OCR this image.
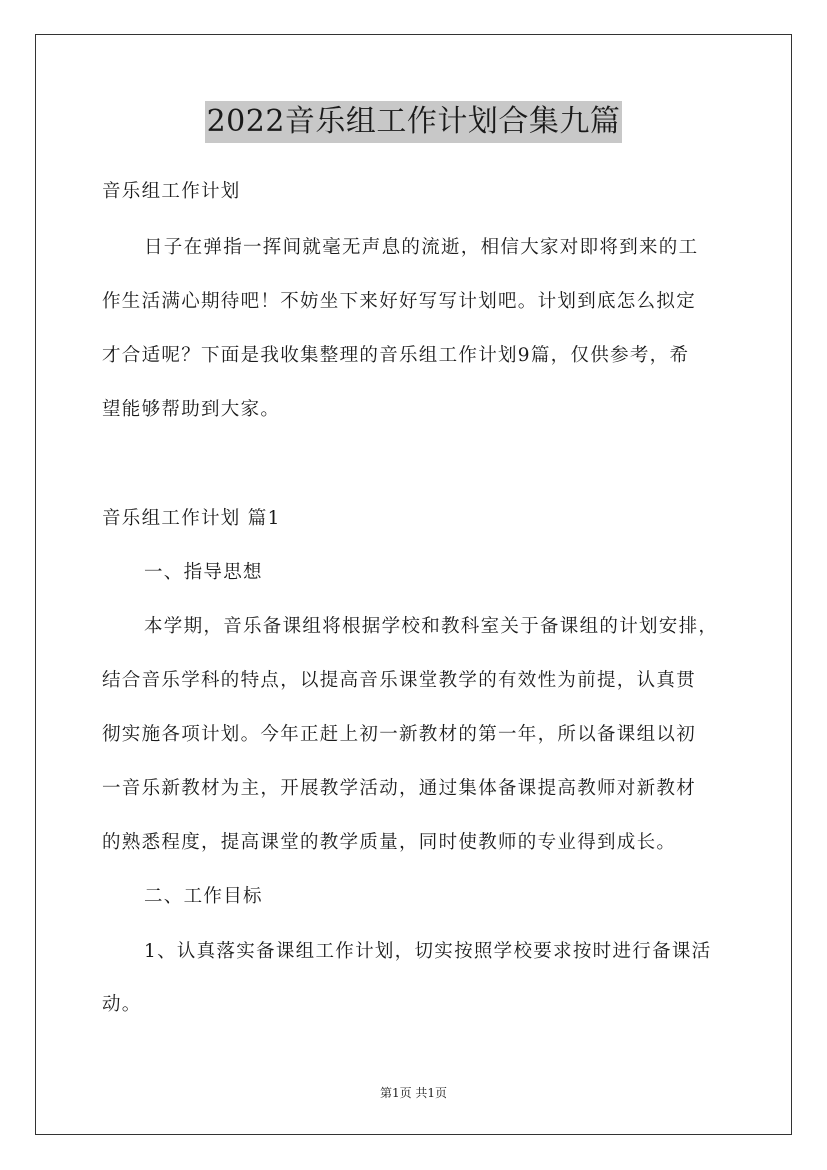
2022音乐组工作计划合集九篇
音乐组工作计划
日子在弹指一挥间就毫无声息的流逝，相信大家对即将到来的工
作生活满心期待吧！不妨坐下来好好写写计划吧。计划到底怎么拟定
才合适呢？下面是我收集整理的音乐组工作计划9篇，仅供参考，希
望能够帮助到大家。
音乐组工作计划 篇1
一、指导思想
本学期，音乐备课组将根据学校和教科室关于备课组的计划安排，
结合音乐学科的特点，以提高音乐课堂教学的有效性为前提，认真贯
彻实施各项计划。今年正赶上初一新教材的第一年，所以备课组以初
一音乐新教材为主，开展教学活动，通过集体备课提高教师对新教材
的熟悉程度，提高课堂的教学质量，同时使教师的专业得到成长。
二、工作目标
1、认真落实备课组工作计划，切实按照学校要求按时进行备课活
动。
第1页 共1页
